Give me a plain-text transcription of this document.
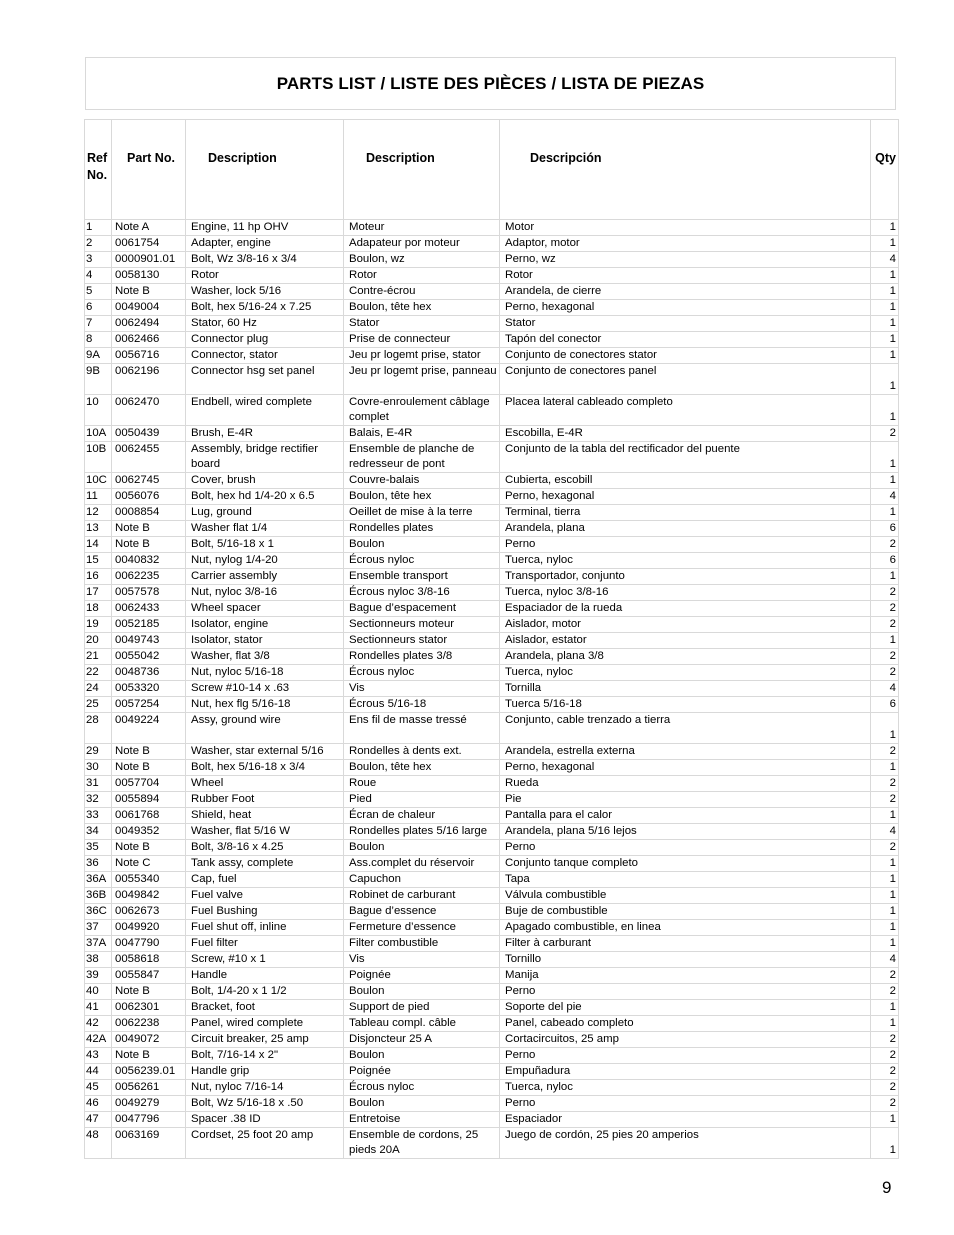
PARTS LIST / LISTE DES PIÈCES / LISTA DE PIEZAS
Ref No.	Part No.	Description	Description	Descripción	Qty

1	Note A	Engine, 11 hp OHV	Moteur	Motor	1
2	0061754	Adapter, engine	Adapateur por moteur	Adaptor, motor	1
3	0000901.01	Bolt, Wz 3/8-16 x 3/4	Boulon, wz	Perno, wz	4
4	0058130	Rotor	Rotor	Rotor	1
5	Note B	Washer, lock 5/16	Contre-écrou	Arandela, de cierre	1
6	0049004	Bolt, hex 5/16-24 x 7.25	Boulon, tête hex	Perno, hexagonal	1
7	0062494	Stator, 60 Hz	Stator	Stator	1
8	0062466	Connector plug	Prise de connecteur	Tapón del conector	1
9A	0056716	Connector, stator	Jeu pr logemt prise, stator	Conjunto de conectores stator	1
9B	0062196	Connector hsg set panel	Jeu pr logemt prise, panneau	Conjunto de conectores panel	1
10	0062470	Endbell, wired complete	Covre-enroulement câblage complet	Placea lateral cableado completo	1
10A	0050439	Brush, E-4R	Balais, E-4R	Escobilla, E-4R	2
10B	0062455	Assembly, bridge rectifier board	Ensemble de planche de redresseur de pont	Conjunto de la tabla del rectificador del puente	1
10C	0062745	Cover, brush	Couvre-balais	Cubierta, escobill	1
11	0056076	Bolt, hex hd 1/4-20 x 6.5	Boulon, tête hex	Perno, hexagonal	4
12	0008854	Lug, ground	Oeillet de mise à la terre	Terminal, tierra	1
13	Note B	Washer flat 1/4	Rondelles plates	Arandela, plana	6
14	Note B	Bolt, 5/16-18 x 1	Boulon	Perno	2
15	0040832	Nut, nylog 1/4-20	Écrous nyloc	Tuerca, nyloc	6
16	0062235	Carrier assembly	Ensemble transport	Transportador, conjunto	1
17	0057578	Nut, nyloc 3/8-16	Écrous nyloc 3/8-16	Tuerca, nyloc 3/8-16	2
18	0062433	Wheel spacer	Bague d’espacement	Espaciador de la rueda	2
19	0052185	Isolator, engine	Sectionneurs moteur	Aislador, motor	2
20	0049743	Isolator, stator	Sectionneurs stator	Aislador, estator	1
21	0055042	Washer, flat 3/8	Rondelles plates 3/8	Arandela, plana 3/8	2
22	0048736	Nut, nyloc 5/16-18	Écrous nyloc	Tuerca, nyloc	2
24	0053320	Screw #10-14 x .63	Vis	Tornilla	4
25	0057254	Nut, hex flg 5/16-18	Écrous 5/16-18	Tuerca 5/16-18	6
28	0049224	Assy, ground wire	Ens fil de masse tressé	Conjunto, cable trenzado a tierra	1
29	Note B	Washer, star external 5/16	Rondelles à dents ext.	Arandela, estrella externa	2
30	Note B	Bolt, hex 5/16-18 x 3/4	Boulon, tête hex	Perno, hexagonal	1
31	0057704	Wheel	Roue	Rueda	2
32	0055894	Rubber Foot	Pied	Pie	2
33	0061768	Shield, heat	Écran de chaleur	Pantalla para el calor	1
34	0049352	Washer, flat 5/16 W	Rondelles plates 5/16 large	Arandela, plana 5/16 lejos	4
35	Note B	Bolt, 3/8-16 x 4.25	Boulon	Perno	2
36	Note C	Tank assy, complete	Ass.complet du réservoir	Conjunto tanque completo	1
36A	0055340	Cap, fuel	Capuchon	Tapa	1
36B	0049842	Fuel valve	Robinet de carburant	Válvula combustible	1
36C	0062673	Fuel Bushing	Bague d’essence	Buje de combustible	1
37	0049920	Fuel shut off, inline	Fermeture d’essence	Apagado combustible, en linea	1
37A	0047790	Fuel filter	Filter combustible	Filter à carburant	1
38	0058618	Screw, #10 x 1	Vis	Tornillo	4
39	0055847	Handle	Poignée	Manija	2
40	Note B	Bolt, 1/4-20 x 1 1/2	Boulon	Perno	2
41	0062301	Bracket, foot	Support de pied	Soporte del pie	1
42	0062238	Panel, wired complete	Tableau compl. câble	Panel, cabeado completo	1
42A	0049072	Circuit breaker, 25 amp	Disjoncteur 25 A	Cortacircuitos, 25 amp	2
43	Note B	Bolt, 7/16-14 x 2"	Boulon	Perno	2
44	0056239.01	Handle grip	Poignée	Empuñadura	2
45	0056261	Nut, nyloc 7/16-14	Écrous nyloc	Tuerca, nyloc	2
46	0049279	Bolt, Wz 5/16-18 x .50	Boulon	Perno	2
47	0047796	Spacer .38 ID	Entretoise	Espaciador	1
48	0063169	Cordset, 25 foot 20 amp	Ensemble de cordons, 25 pieds 20A	Juego de cordón, 25 pies 20 amperios	1
9
